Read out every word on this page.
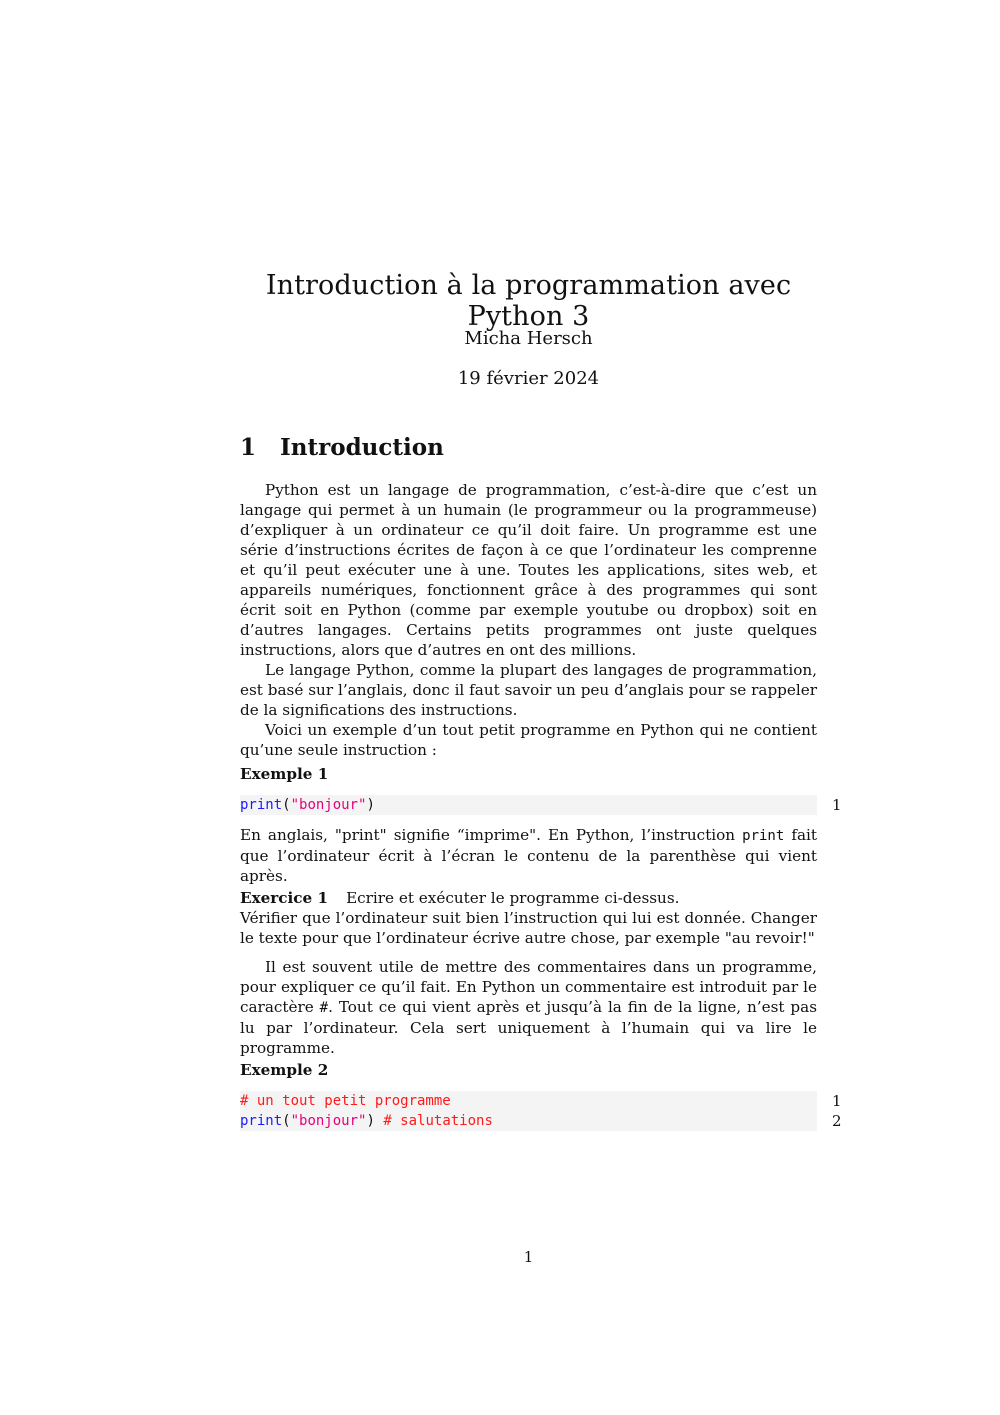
Introduction à la programmation avec Python 3
Micha Hersch
19 février 2024
1 Introduction

Python est un langage de programmation, c’est-à-dire que c’est un langage qui permet à un humain (le programmeur ou la programmeuse) d’expliquer à un ordinateur ce qu’il doit faire. Un programme est une série d’instructions écrites de façon à ce que l’ordinateur les comprenne et qu’il peut exécuter une à une. Toutes les applications, sites web, et appareils numériques, fonctionnent grâce à des programmes qui sont écrit soit en Python (comme par exemple youtube ou dropbox) soit en d’autres langages. Certains petits programmes ont juste quelques instructions, alors que d’autres en ont des millions.

Le langage Python, comme la plupart des langages de programmation, est basé sur l’anglais, donc il faut savoir un peu d’anglais pour se rappeler de la significations des instructions.

Voici un exemple d’un tout petit programme en Python qui ne contient qu’une seule instruction :

Exemple 1
print("bonjour")	1

En anglais, "print" signifie “imprime". En Python, l’instruction print fait que l’ordinateur écrit à l’écran le contenu de la parenthèse qui vient après.

Exercice 1 Ecrire et exécuter le programme ci-dessus.
Vérifier que l’ordinateur suit bien l’instruction qui lui est donnée. Changer le texte pour que l’ordinateur écrive autre chose, par exemple "au revoir!"

Il est souvent utile de mettre des commentaires dans un programme, pour expliquer ce qu’il fait. En Python un commentaire est introduit par le caractère #. Tout ce qui vient après et jusqu’à la fin de la ligne, n’est pas lu par l’ordinateur. Cela sert uniquement à l’humain qui va lire le programme.

Exemple 2
# un tout petit programme	1
print("bonjour") # salutations	2
1
